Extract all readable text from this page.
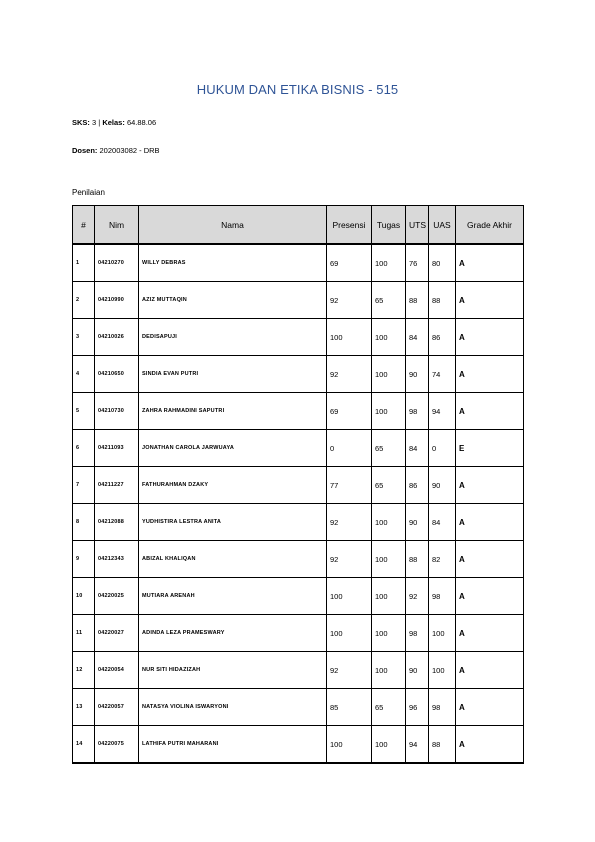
HUKUM DAN ETIKA BISNIS - 515
SKS: 3 | Kelas: 64.88.06
Dosen: 202003082 - DRB
Penilaian
#	Nim	Nama	Presensi	Tugas	UTS	UAS	Grade Akhir
1	04210270	WILLY DEBRAS	69	100	76	80	A
2	04210990	AZIZ MUTTAQIN	92	65	88	88	A
3	04210026	DEDISAPUJI	100	100	84	86	A
4	04210650	SINDIA EVAN PUTRI	92	100	90	74	A
5	04210730	ZAHRA RAHMADINI SAPUTRI	69	100	98	94	A
6	04211093	JONATHAN CAROLA JARWUAYA	0	65	84	0	E
7	04211227	FATHURAHMAN DZAKY	77	65	86	90	A
8	04212088	YUDHISTIRA LESTRA ANITA	92	100	90	84	A
9	04212343	ABIZAL KHALIQAN	92	100	88	82	A
10	04220025	MUTIARA ARENAH	100	100	92	98	A
11	04220027	ADINDA LEZA PRAMESWARY	100	100	98	100	A
12	04220054	NUR SITI HIDAZIZAH	92	100	90	100	A
13	04220057	NATASYA VIOLINA ISWARYONI	85	65	96	98	A
14	04220075	LATHIFA PUTRI MAHARANI	100	100	94	88	A
